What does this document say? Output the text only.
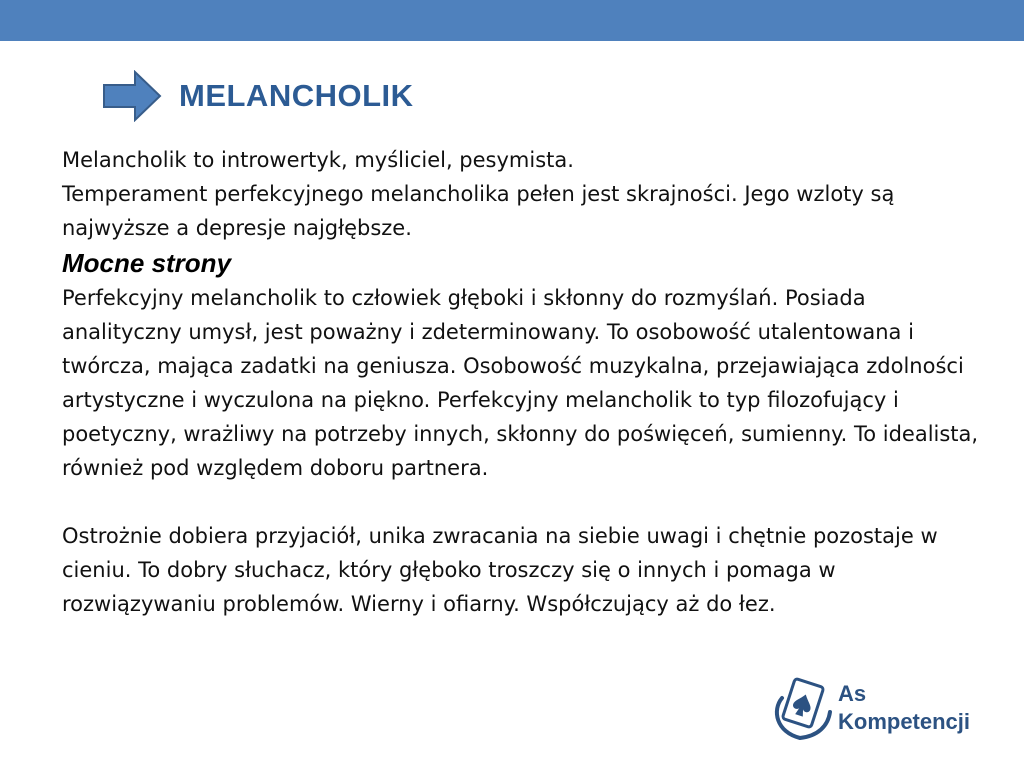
MELANCHOLIK

Melancholik to introwertyk, myśliciel, pesymista.

Temperament perfekcyjnego melancholika pełen jest skrajności. Jego wzloty są najwyższe a depresje najgłębsze.

Mocne strony

Perfekcyjny melancholik to człowiek głęboki i skłonny do rozmyślań. Posiada analityczny umysł, jest poważny i zdeterminowany. To osobowość utalentowana i twórcza, mająca zadatki na geniusza. Osobowość muzykalna, przejawiająca zdolności artystyczne i wyczulona na piękno. Perfekcyjny melancholik to typ filozofujący i poetyczny, wrażliwy na potrzeby innych, skłonny do poświęceń, sumienny. To idealista, również pod względem doboru partnera.

Ostrożnie dobiera przyjaciół, unika zwracania na siebie uwagi i chętnie pozostaje w cieniu. To dobry słuchacz, który głęboko troszczy się o innych i pomaga w rozwiązywaniu problemów. Wierny i ofiarny. Współczujący aż do łez.

As
Kompetencji
